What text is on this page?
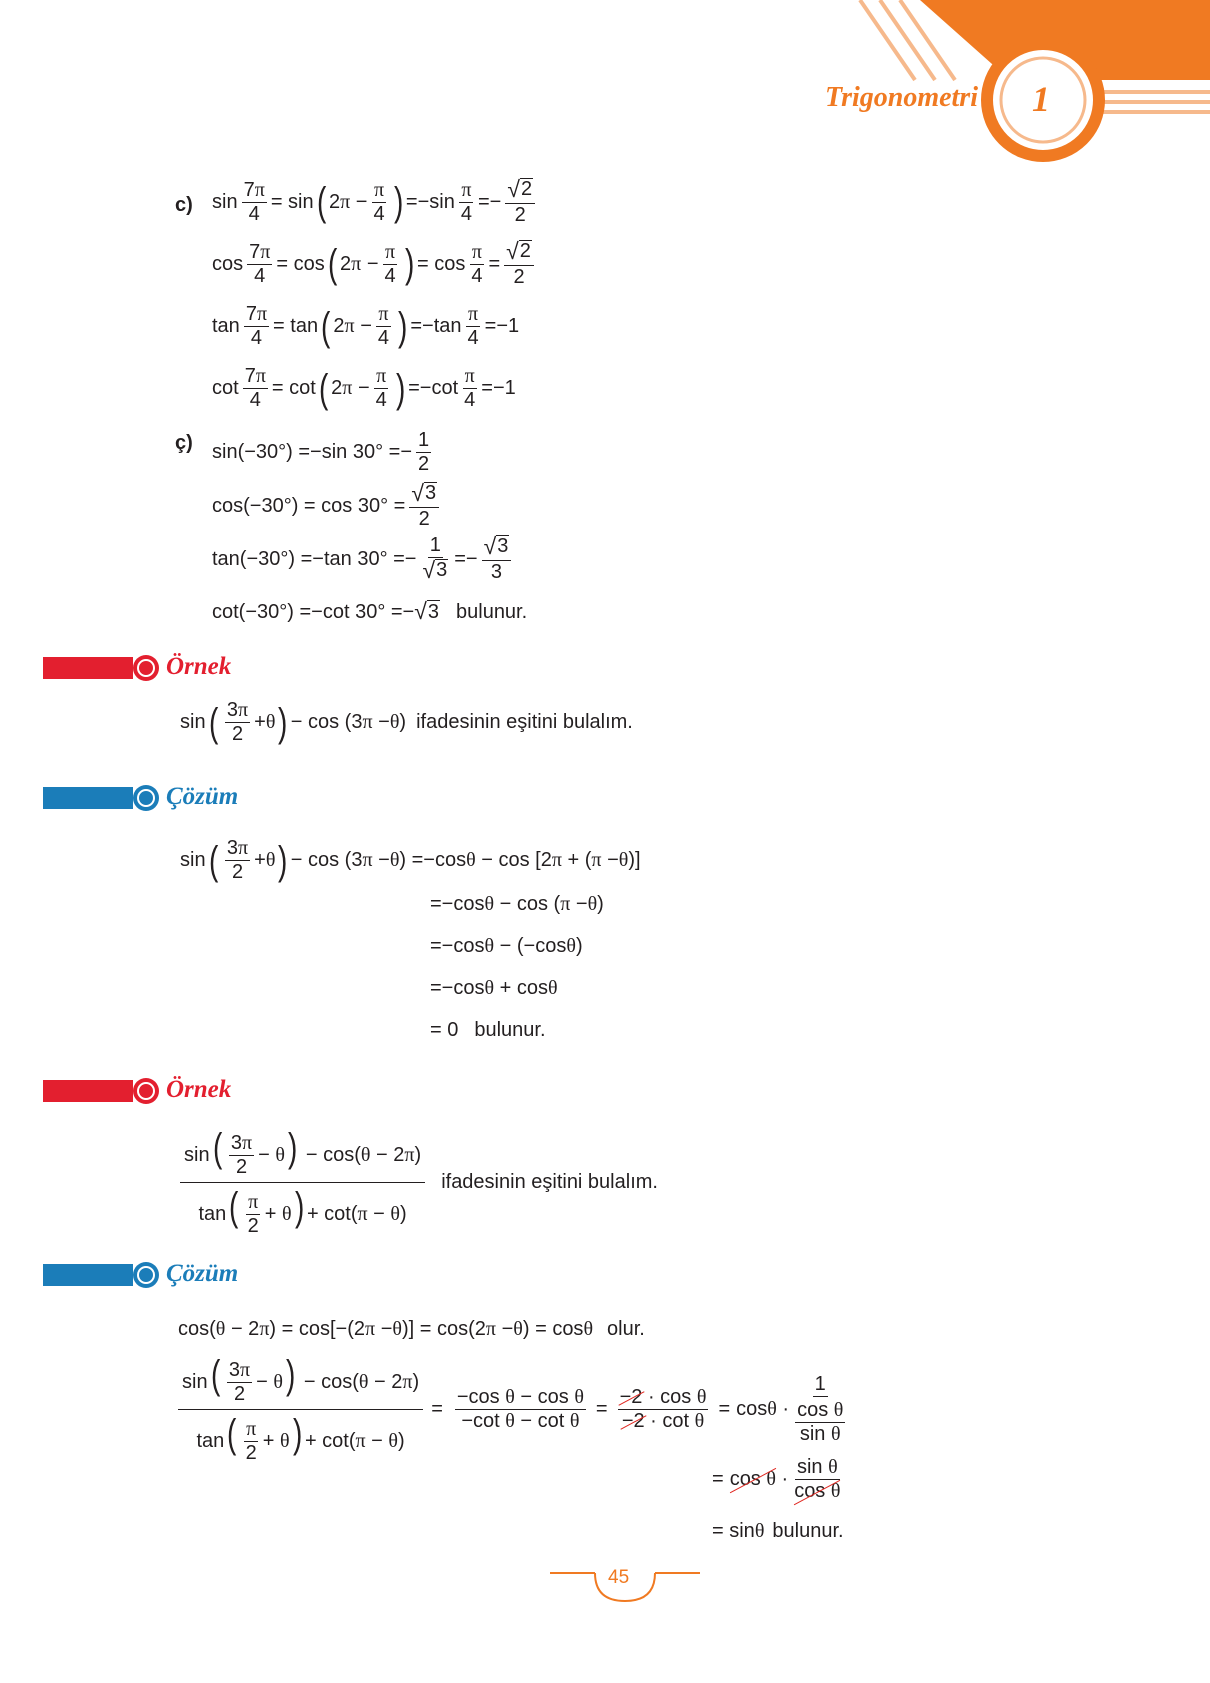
Trigonometri 1
c) $\sin \frac{7\pi}{4} = \sin$ ( 2 $\pi - \frac{\pi}{4}$ ) $=-\sin \frac{\pi}{4} =- \frac{√ 2}{2}$
$\cos \frac{7\pi}{4} = \cos$ ( 2 $\pi - \frac{\pi}{4}$ ) = $\cos \frac{\pi}{4} = \frac{√ 2}{2}$
$\tan \frac{7\pi}{4} = \tan$ ( 2 $\pi - \frac{\pi}{4}$ ) $=-\tan \frac{\pi}{4} =-1$
$\cot \frac{7\pi}{4} = \cot$ ( 2 $\pi - \frac{\pi}{4}$ ) $=-\cot \frac{\pi}{4} =-1$
ç) sin(−30°) =−sin $30^\circ =- \frac{1}{2}$
$\cos(-30^\circ) = \cos 30^\circ = \frac{√ 3}{2}$
tan(−30°) =−tan $30^\circ =- \frac{1}{√ 3} =- \frac{√ 3}{3}$
cot(−30°) =−cot 30° =− √ 3 bulunur.
Örnek
sin ( $\frac{3\pi}{2} + \theta$ ) − cos (3 π − θ ) ifadesinin eşitini bulalım.
Çözüm
sin ( $\frac{3\pi}{2} + \theta$ ) − cos (3 π − θ ) =−cos θ − cos [2 π + ( π − θ )]
=−cos θ − cos ( π − θ )
=−cos θ − (−cos θ )
=−cos θ + cos θ
= 0 bulunur.
Örnek
$\frac{\sin( \frac{3\pi}{2} - \theta) - \cos(\theta - 2\pi)}{\tan( \frac{\pi}{2} + \theta) + \cot(\pi - \theta)}$ ifadesinin eşitini bulalım.
Çözüm
cos( θ − 2 π ) = cos[−(2 π − θ )] = cos(2 π − θ ) = cos θ olur.
$\frac{\sin( \frac{3\pi}{2} - \theta) - \cos(\theta - 2\pi)}{\tan( \frac{\pi}{2} + \theta) + \cot(\pi - \theta)} = \frac{\text{−cos θ − cos θ}}{\text{−cot θ − cot θ}} = \frac{\text{−2 · cos θ}}{\text{−2 · cot θ}} = \cos \theta \cdot \frac{1}{\frac{\text{cos θ}}{\text{sin θ}}}$
= $\cos \theta \cdot \frac{\text{sin θ}}{\text{cos θ}}$
= sin θ bulunur.
45
